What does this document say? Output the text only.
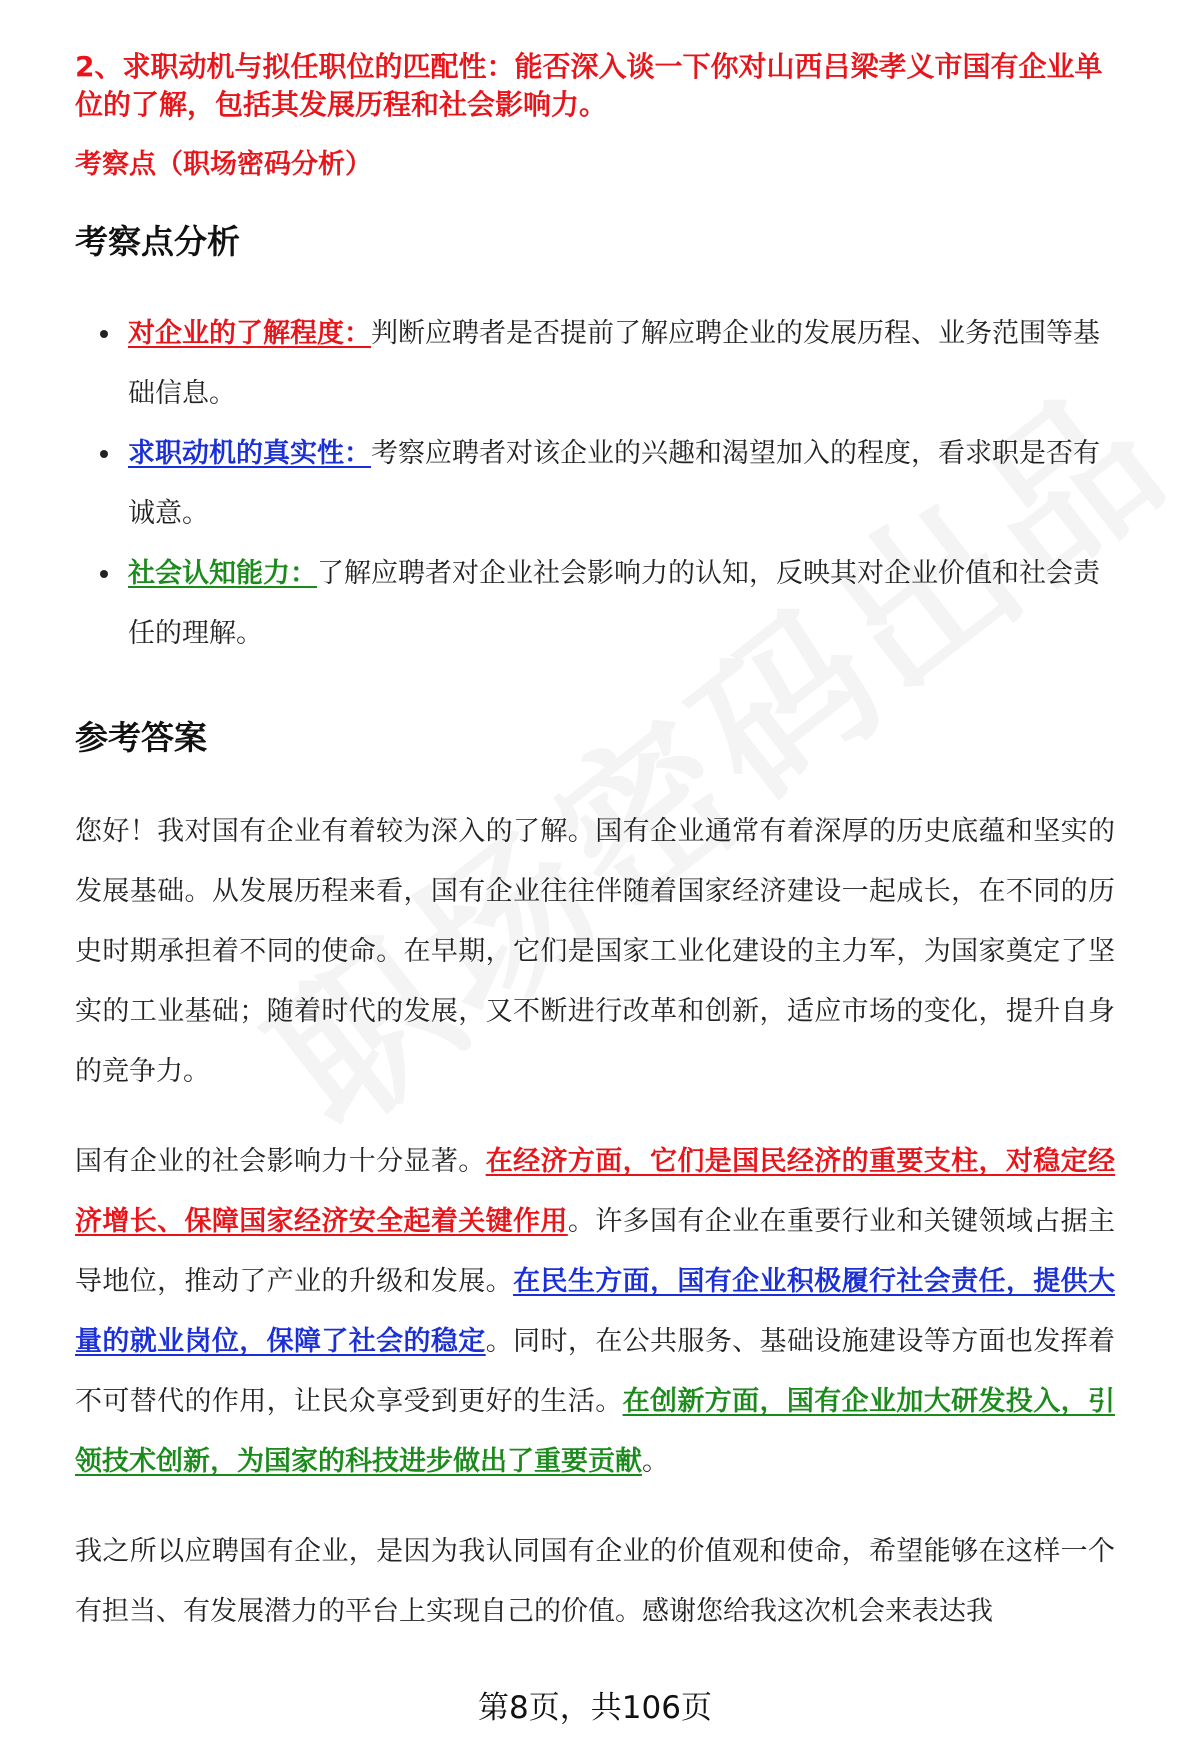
2、求职动机与拟任职位的匹配性：能否深入谈一下你对山西吕梁孝义市国有企业单位的了解，包括其发展历程和社会影响力。

考察点（职场密码分析）
考察点分析
对企业的了解程度：判断应聘者是否提前了解应聘企业的发展历程、业务范围等基础信息。
求职动机的真实性：考察应聘者对该企业的兴趣和渴望加入的程度，看求职是否有诚意。
社会认知能力：了解应聘者对企业社会影响力的认知，反映其对企业价值和社会责任的理解。
参考答案

您好！我对国有企业有着较为深入的了解。国有企业通常有着深厚的历史底蕴和坚实的发展基础。从发展历程来看，国有企业往往伴随着国家经济建设一起成长，在不同的历史时期承担着不同的使命。在早期，它们是国家工业化建设的主力军，为国家奠定了坚实的工业基础；随着时代的发展，又不断进行改革和创新，适应市场的变化，提升自身的竞争力。

国有企业的社会影响力十分显著。在经济方面，它们是国民经济的重要支柱，对稳定经济增长、保障国家经济安全起着关键作用。许多国有企业在重要行业和关键领域占据主导地位，推动了产业的升级和发展。在民生方面，国有企业积极履行社会责任，提供大量的就业岗位，保障了社会的稳定。同时，在公共服务、基础设施建设等方面也发挥着不可替代的作用，让民众享受到更好的生活。在创新方面，国有企业加大研发投入，引领技术创新，为国家的科技进步做出了重要贡献。

我之所以应聘国有企业，是因为我认同国有企业的价值观和使命，希望能够在这样一个有担当、有发展潜力的平台上实现自己的价值。感谢您给我这次机会来表达我

第8页，共106页
